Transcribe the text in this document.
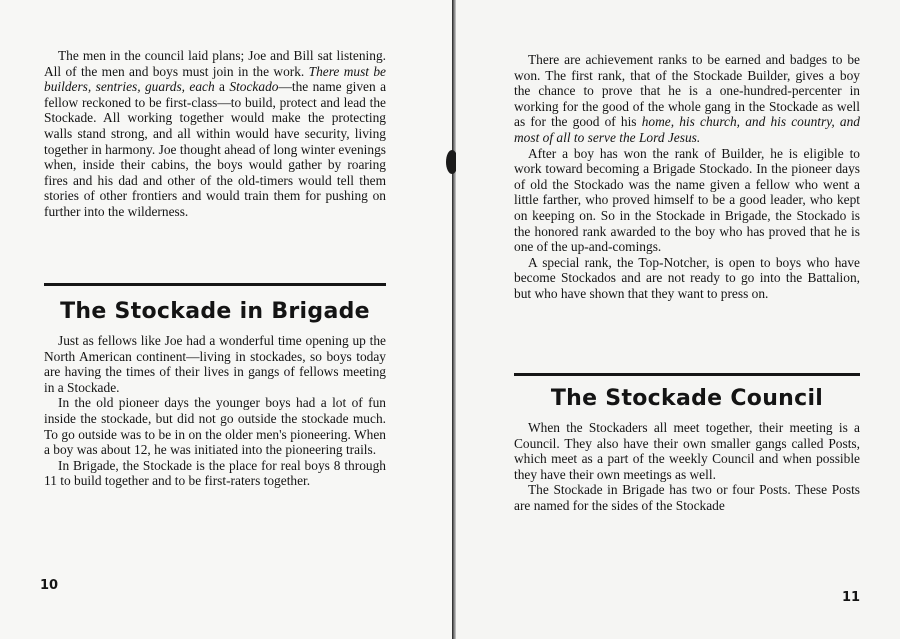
The men in the council laid plans; Joe and Bill sat listening. All of the men and boys must join in the work. There must be builders, sentries, guards, each a Stockado—the name given a fellow reckoned to be first-class—to build, protect and lead the Stockade. All working together would make the protecting walls stand strong, and all within would have security, living together in harmony. Joe thought ahead of long winter evenings when, inside their cabins, the boys would gather by roaring fires and his dad and other of the old-timers would tell them stories of other frontiers and would train them for pushing on further into the wilderness.

The Stockade in Brigade

Just as fellows like Joe had a wonderful time opening up the North American continent—living in stockades, so boys today are having the times of their lives in gangs of fellows meeting in a Stockade.

In the old pioneer days the younger boys had a lot of fun inside the stockade, but did not go outside the stockade much. To go outside was to be in on the older men's pioneering. When a boy was about 12, he was initiated into the pioneering trails.

In Brigade, the Stockade is the place for real boys 8 through 11 to build together and to be first-raters together.

10

There are achievement ranks to be earned and badges to be won. The first rank, that of the Stockade Builder, gives a boy the chance to prove that he is a one-hundred-percenter in working for the good of the whole gang in the Stockade as well as for the good of his home, his church, and his country, and most of all to serve the Lord Jesus.

After a boy has won the rank of Builder, he is eligible to work toward becoming a Brigade Stockado. In the pioneer days of old the Stockado was the name given a fellow who went a little farther, who proved himself to be a good leader, who kept on keeping on. So in the Stockade in Brigade, the Stockado is the honored rank awarded to the boy who has proved that he is one of the up-and-comings.

A special rank, the Top-Notcher, is open to boys who have become Stockados and are not ready to go into the Battalion, but who have shown that they want to press on.

The Stockade Council

When the Stockaders all meet together, their meeting is a Council. They also have their own smaller gangs called Posts, which meet as a part of the weekly Council and when possible they have their own meetings as well.

The Stockade in Brigade has two or four Posts. These Posts are named for the sides of the Stockade

11
